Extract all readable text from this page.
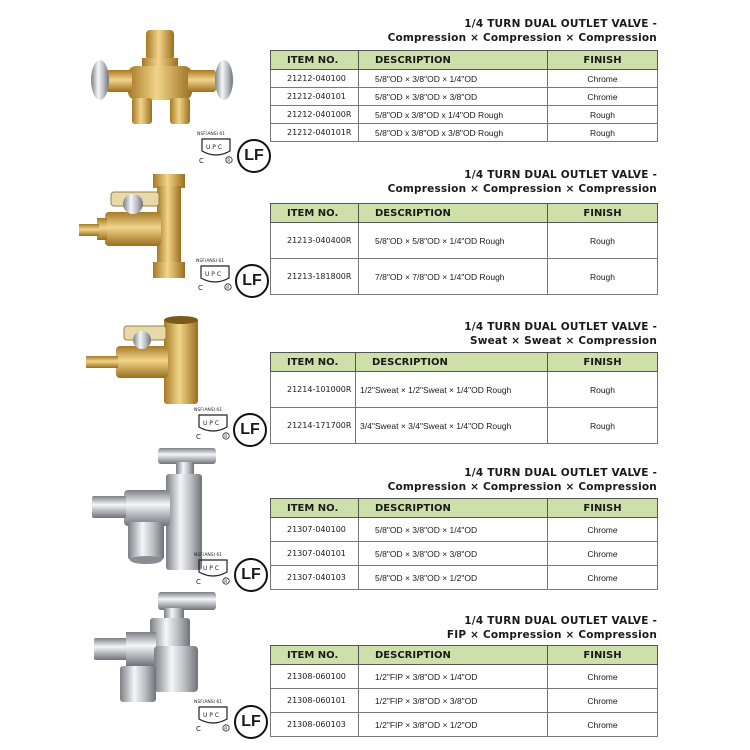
1/4 TURN DUAL OUTLET VALVE -
Compression × Compression × Compression
LF
ITEM NO.	DESCRIPTION	FINISH
21212-040100	5/8"OD × 3/8"OD × 1/4"OD	Chrome
21212-040101	5/8"OD × 3/8"OD × 3/8"OD	Chrome
21212-040100R	5/8"OD x 3/8"OD x 1/4"OD Rough	Rough
21212-040101R	5/8"OD x 3/8"OD x 3/8"OD Rough	Rough
1/4 TURN DUAL OUTLET VALVE -
Compression × Compression × Compression
LF
ITEM NO.	DESCRIPTION	FINISH
21213-040400R	5/8"OD × 5/8"OD × 1/4"OD Rough	Rough
21213-181800R	7/8"OD × 7/8"OD × 1/4"OD Rough	Rough
1/4 TURN DUAL OUTLET VALVE -
Sweat × Sweat × Compression
LF
ITEM NO.	DESCRIPTION	FINISH
21214-101000R	1/2"Sweat × 1/2"Sweat × 1/4"OD Rough	Rough
21214-171700R	3/4"Sweat × 3/4"Sweat × 1/4"OD Rough	Rough
1/4 TURN DUAL OUTLET VALVE -
Compression × Compression × Compression
LF
ITEM NO.	DESCRIPTION	FINISH
21307-040100	5/8"OD × 3/8"OD × 1/4"OD	Chrome
21307-040101	5/8"OD × 3/8"OD × 3/8"OD	Chrome
21307-040103	5/8"OD × 3/8"OD × 1/2"OD	Chrome
1/4 TURN DUAL OUTLET VALVE -
FIP × Compression × Compression
LF
ITEM NO.	DESCRIPTION	FINISH
21308-060100	1/2"FIP × 3/8"OD × 1/4"OD	Chrome
21308-060101	1/2"FIP × 3/8"OD × 3/8"OD	Chrome
21308-060103	1/2"FIP × 3/8"OD × 1/2"OD	Chrome
